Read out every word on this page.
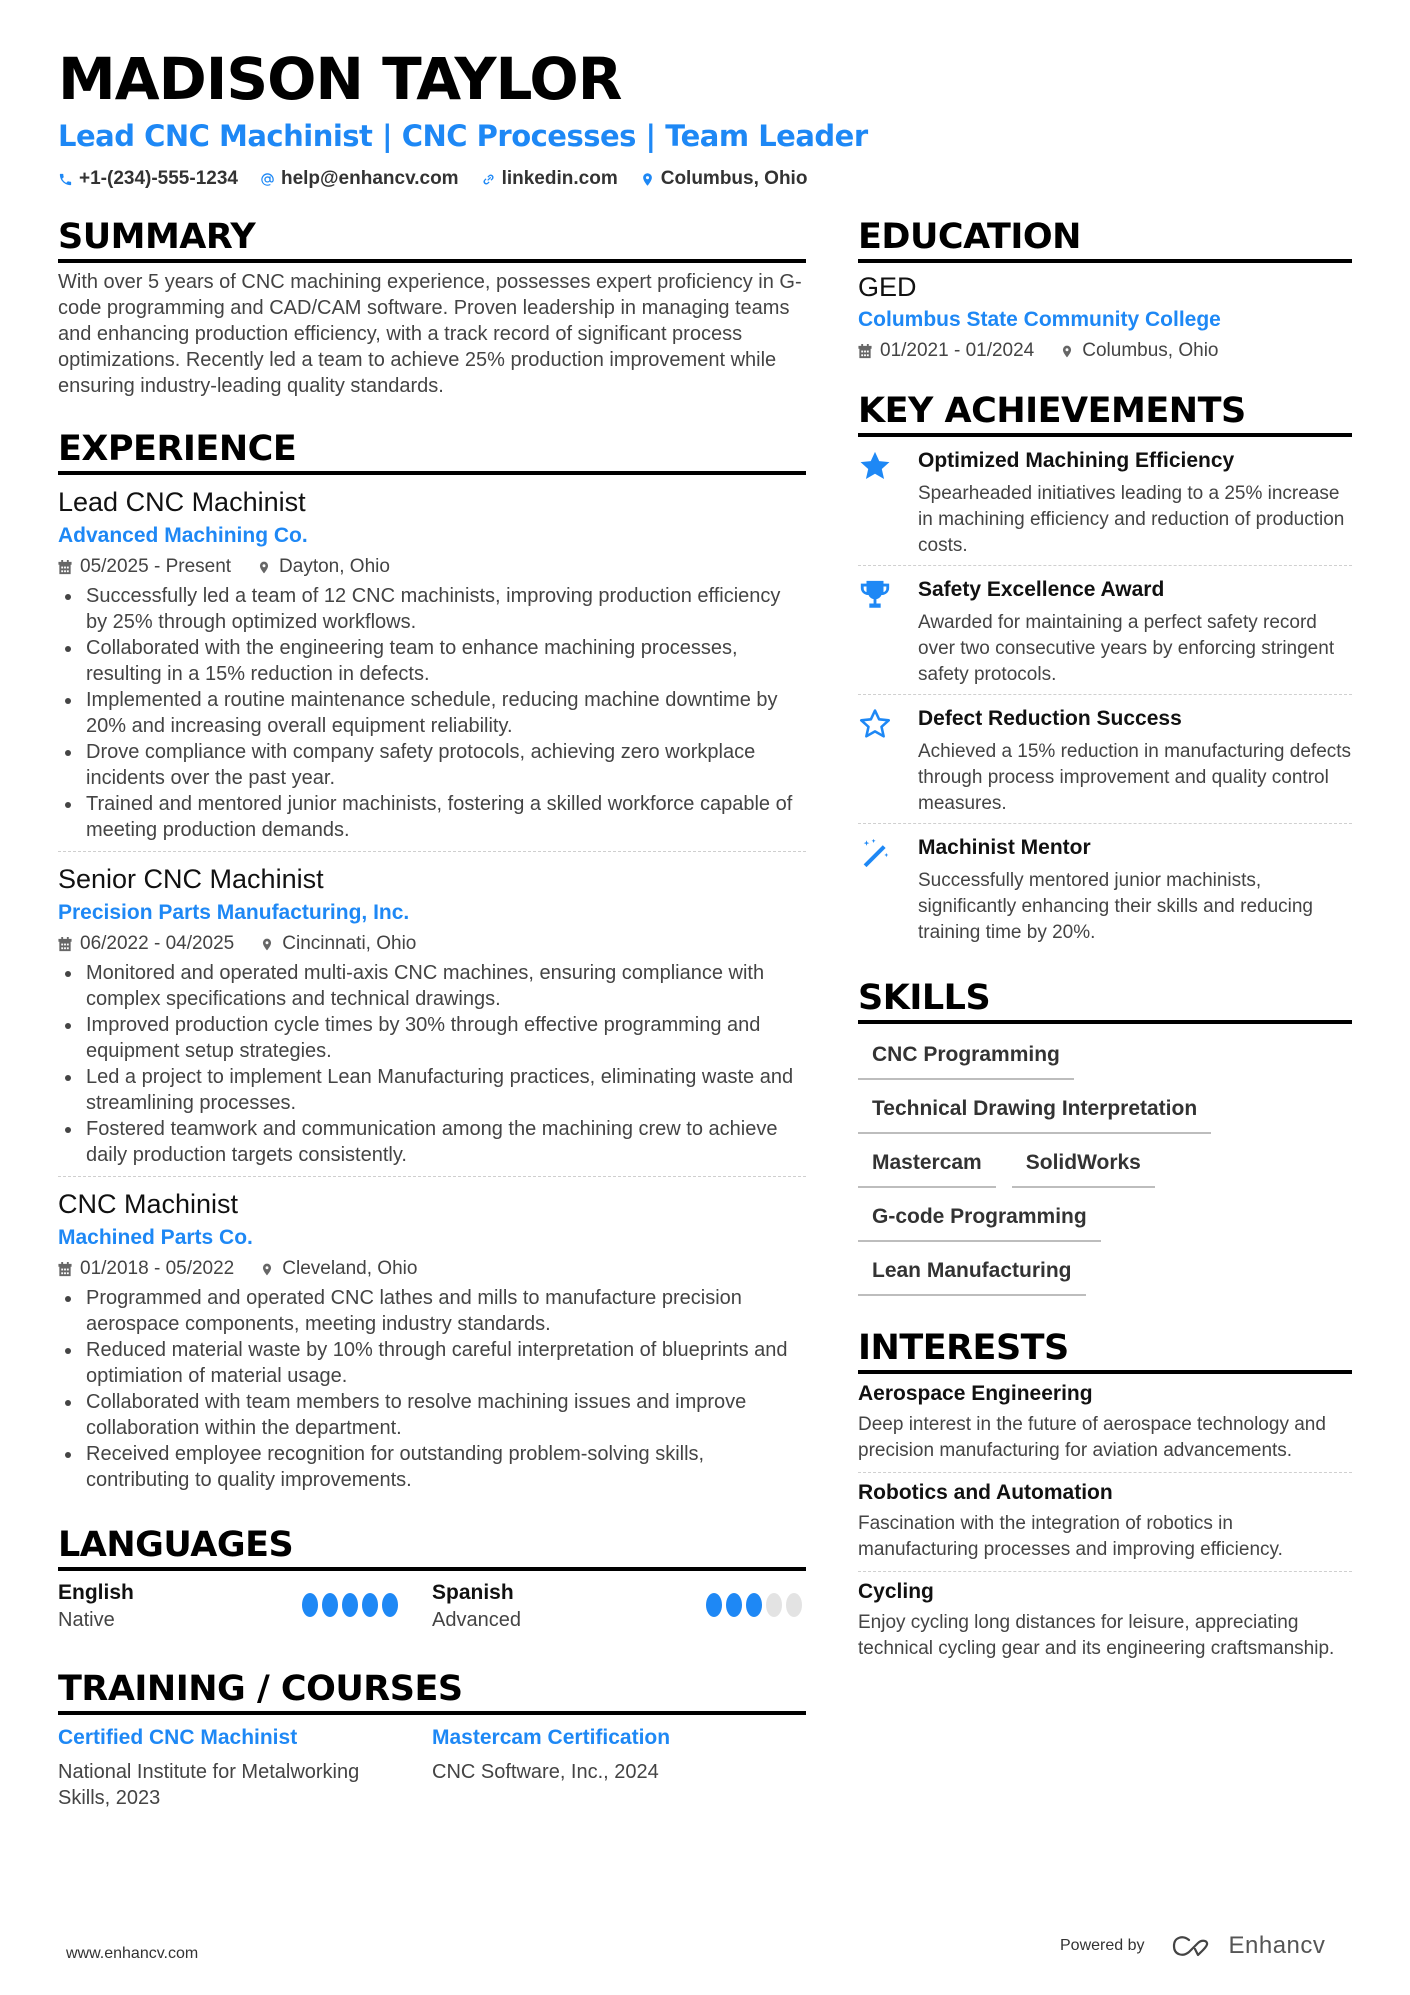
MADISON TAYLOR
Lead CNC Machinist | CNC Processes | Team Leader
+1-(234)-555-1234 help@enhancv.com linkedin.com Columbus, Ohio
SUMMARY
With over 5 years of CNC machining experience, possesses expert proficiency in G-code programming and CAD/CAM software. Proven leadership in managing teams and enhancing production efficiency, with a track record of significant process optimizations. Recently led a team to achieve 25% production improvement while ensuring industry-leading quality standards.
EXPERIENCE
Lead CNC Machinist
Advanced Machining Co.
05/2025 - Present	Dayton, Ohio
Successfully led a team of 12 CNC machinists, improving production efficiency by 25% through optimized workflows.
Collaborated with the engineering team to enhance machining processes, resulting in a 15% reduction in defects.
Implemented a routine maintenance schedule, reducing machine downtime by 20% and increasing overall equipment reliability.
Drove compliance with company safety protocols, achieving zero workplace incidents over the past year.
Trained and mentored junior machinists, fostering a skilled workforce capable of meeting production demands.
Senior CNC Machinist
Precision Parts Manufacturing, Inc.
06/2022 - 04/2025	Cincinnati, Ohio
Monitored and operated multi-axis CNC machines, ensuring compliance with complex specifications and technical drawings.
Improved production cycle times by 30% through effective programming and equipment setup strategies.
Led a project to implement Lean Manufacturing practices, eliminating waste and streamlining processes.
Fostered teamwork and communication among the machining crew to achieve daily production targets consistently.
CNC Machinist
Machined Parts Co.
01/2018 - 05/2022	Cleveland, Ohio
Programmed and operated CNC lathes and mills to manufacture precision aerospace components, meeting industry standards.
Reduced material waste by 10% through careful interpretation of blueprints and optimiation of material usage.
Collaborated with team members to resolve machining issues and improve collaboration within the department.
Received employee recognition for outstanding problem-solving skills, contributing to quality improvements.
LANGUAGES
English
Native
Spanish
Advanced
TRAINING / COURSES
Certified CNC Machinist
National Institute for Metalworking Skills, 2023
Mastercam Certification
CNC Software, Inc., 2024
EDUCATION
GED
Columbus State Community College
01/2021 - 01/2024	Columbus, Ohio
KEY ACHIEVEMENTS
Optimized Machining Efficiency
Spearheaded initiatives leading to a 25% increase in machining efficiency and reduction of production costs.
Safety Excellence Award
Awarded for maintaining a perfect safety record over two consecutive years by enforcing stringent safety protocols.
Defect Reduction Success
Achieved a 15% reduction in manufacturing defects through process improvement and quality control measures.
Machinist Mentor
Successfully mentored junior machinists, significantly enhancing their skills and reducing training time by 20%.
SKILLS
CNC Programming
Technical Drawing Interpretation
Mastercam	SolidWorks
G-code Programming
Lean Manufacturing
INTERESTS
Aerospace Engineering
Deep interest in the future of aerospace technology and precision manufacturing for aviation advancements.
Robotics and Automation
Fascination with the integration of robotics in manufacturing processes and improving efficiency.
Cycling
Enjoy cycling long distances for leisure, appreciating technical cycling gear and its engineering craftsmanship.
www.enhancv.com	Powered by	Enhancv
